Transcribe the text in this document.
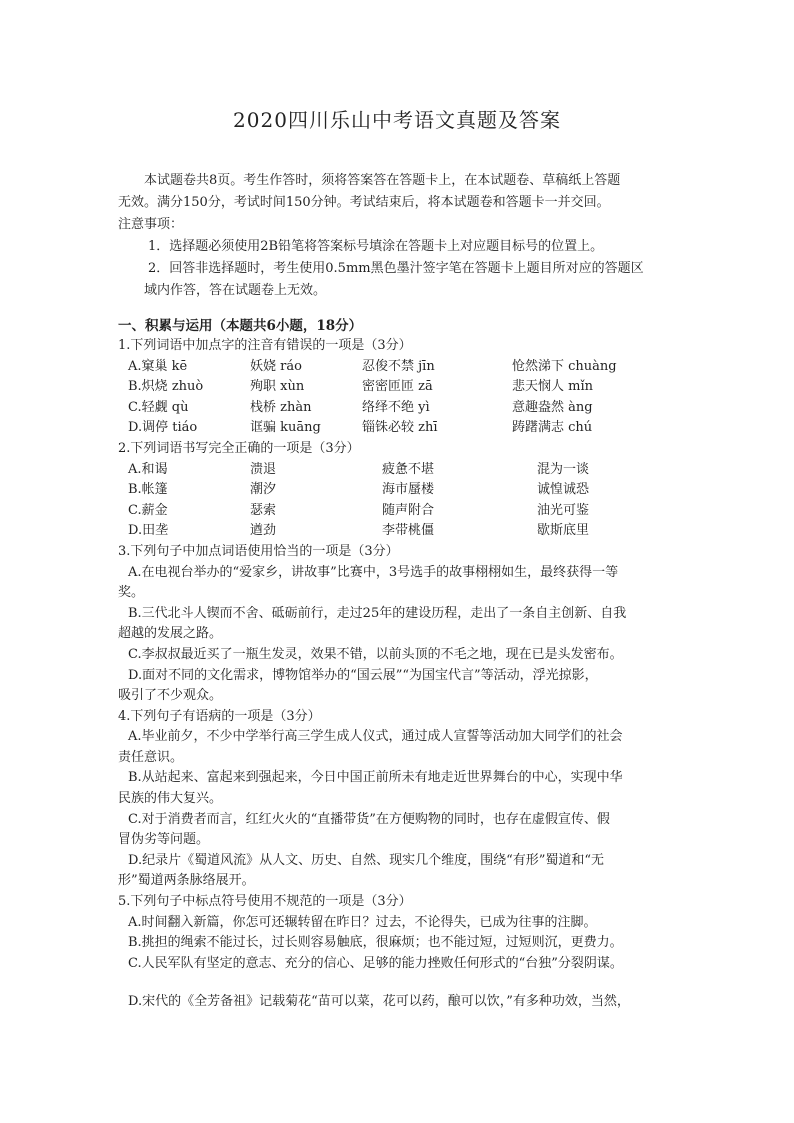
2020四川乐山中考语文真题及答案

本试题卷共8页。考生作答时，须将答案答在答题卡上，在本试题卷、草稿纸上答题

无效。满分150分，考试时间150分钟。考试结束后，将本试题卷和答题卡一并交回。

注意事项：

1．选择题必须使用2B铅笔将答案标号填涂在答题卡上对应题目标号的位置上。

2．回答非选择题时，考生使用0.5mm黑色墨汁签字笔在答题卡上题目所对应的答题区

域内作答，答在试题卷上无效。

一、积累与运用（本题共6小题，18分）

1.下列词语中加点字的注音有错误的一项是（3分）

A.窠巢 kē	妖娆 ráo	忍俊不禁 jīn	怆然涕下 chuàng
B.炽烧 zhuò	殉职 xùn	密密匝匝 zā	悲天悯人 mǐn
C.轻觑 qù	栈桥 zhàn	络绎不绝 yì	意趣盎然 àng
D.调停 tiáo	诓骗 kuāng	锱铢必较 zhī	踌躇满志 chú

2.下列词语书写完全正确的一项是（3分）

A.和谒	溃退	疲惫不堪	混为一谈
B.帐篷	潮汐	海市蜃楼	诚惶诚恐
C.薪金	瑟索	随声附合	油光可鉴
D.田垄	遒劲	李带桃僵	歇斯底里

3.下列句子中加点词语使用恰当的一项是（3分）

A.在电视台举办的“爱家乡，讲故事”比赛中，3号选手的故事栩栩如生，最终获得一等

奖。

B.三代北斗人锲而不舍、砥砺前行，走过25年的建设历程，走出了一条自主创新、自我

超越的发展之路。

C.李叔叔最近买了一瓶生发灵，效果不错，以前头顶的不毛之地，现在已是头发密布。

D.面对不同的文化需求，博物馆举办的“国云展”“为国宝代言”等活动，浮光掠影，

吸引了不少观众。

4.下列句子有语病的一项是（3分）

A.毕业前夕，不少中学举行高三学生成人仪式，通过成人宣誓等活动加大同学们的社会

责任意识。

B.从站起来、富起来到强起来，今日中国正前所未有地走近世界舞台的中心，实现中华

民族的伟大复兴。

C.对于消费者而言，红红火火的“直播带货”在方便购物的同时，也存在虚假宣传、假

冒伪劣等问题。

D.纪录片《蜀道风流》从人文、历史、自然、现实几个维度，围绕“有形”蜀道和“无

形”蜀道两条脉络展开。

5.下列句子中标点符号使用不规范的一项是（3分）

A.时间翻入新篇，你怎可还辗转留在昨日？过去，不论得失，已成为往事的注脚。

B.挑担的绳索不能过长，过长则容易触底，很麻烦；也不能过短，过短则沉，更费力。

C.人民军队有坚定的意志、充分的信心、足够的能力挫败任何形式的“台独”分裂阴谋。

D.宋代的《全芳备祖》记载菊花“苗可以菜，花可以药，酿可以饮，”有多种功效，当然，
